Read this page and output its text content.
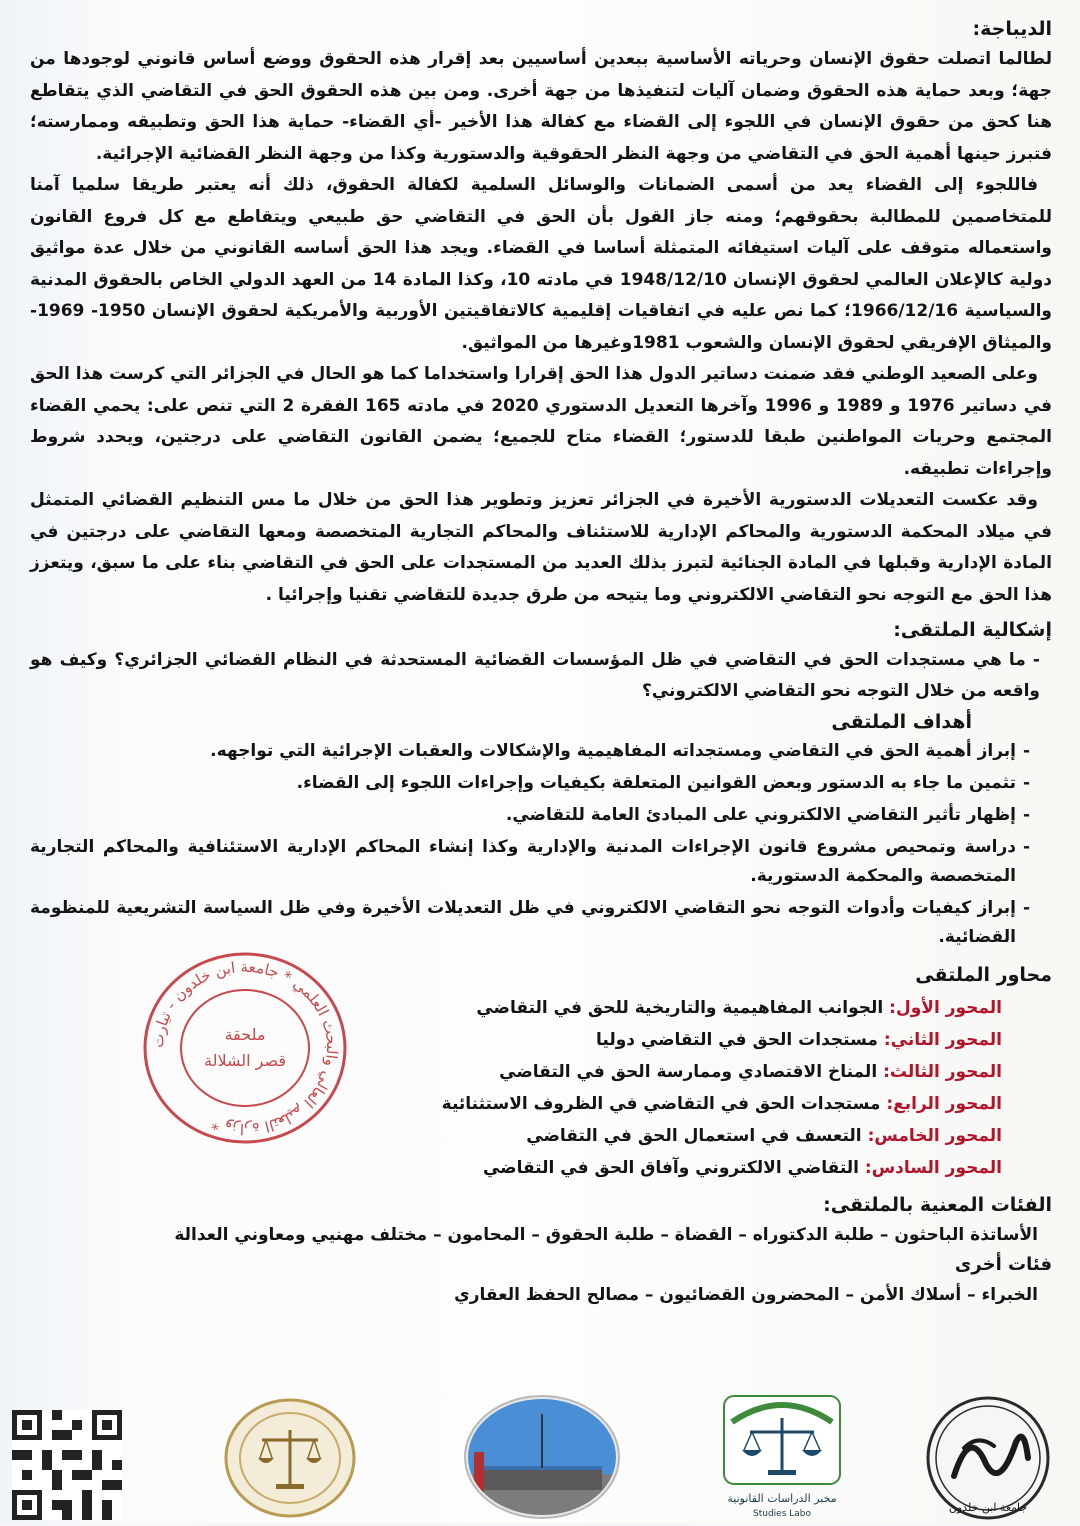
الديباجة:

لطالما اتصلت حقوق الإنسان وحرياته الأساسية ببعدين أساسيين بعد إقرار هذه الحقوق ووضع أساس قانوني لوجودها من جهة؛ وبعد حماية هذه الحقوق وضمان آليات لتنفيذها من جهة أخرى. ومن بين هذه الحقوق الحق في التقاضي الذي يتقاطع هنا كحق من حقوق الإنسان في اللجوء إلى القضاء مع كفالة هذا الأخير -أي القضاء- حماية هذا الحق وتطبيقه وممارسته؛ فتبرز حينها أهمية الحق في التقاضي من وجهة النظر الحقوقية والدستورية وكذا من وجهة النظر القضائية الإجرائية.

فاللجوء إلى القضاء يعد من أسمى الضمانات والوسائل السلمية لكفالة الحقوق، ذلك أنه يعتبر طريقا سلميا آمنا للمتخاصمين للمطالبة بحقوقهم؛ ومنه جاز القول بأن الحق في التقاضي حق طبيعي ويتقاطع مع كل فروع القانون واستعماله متوقف على آليات استيفائه المتمثلة أساسا في القضاء. ويجد هذا الحق أساسه القانوني من خلال عدة مواثيق دولية كالإعلان العالمي لحقوق الإنسان 1948/12/10 في مادته 10، وكذا المادة 14 من العهد الدولي الخاص بالحقوق المدنية والسياسية 1966/12/16؛ كما نص عليه في اتفاقيات إقليمية كالاتفاقيتين الأوربية والأمريكية لحقوق الإنسان 1950- 1969- والميثاق الإفريقي لحقوق الإنسان والشعوب 1981وغيرها من المواثيق.

وعلى الصعيد الوطني فقد ضمنت دساتير الدول هذا الحق إقرارا واستخداما كما هو الحال في الجزائر التي كرست هذا الحق في دساتير 1976 و 1989 و 1996 وآخرها التعديل الدستوري 2020 في مادته 165 الفقرة 2 التي تنص على: يحمي القضاء المجتمع وحريات المواطنين طبقا للدستور؛ القضاء متاح للجميع؛ يضمن القانون التقاضي على درجتين، ويحدد شروط وإجراءات تطبيقه.

وقد عكست التعديلات الدستورية الأخيرة في الجزائر تعزيز وتطوير هذا الحق من خلال ما مس التنظيم القضائي المتمثل في ميلاد المحكمة الدستورية والمحاكم الإدارية للاستئناف والمحاكم التجارية المتخصصة ومعها التقاضي على درجتين في المادة الإدارية وقبلها في المادة الجنائية لتبرز بذلك العديد من المستجدات على الحق في التقاضي بناء على ما سبق، ويتعزز هذا الحق مع التوجه نحو التقاضي الالكتروني وما يتيحه من طرق جديدة للتقاضي تقنيا وإجرائيا .

إشكالية الملتقى:

- ما هي مستجدات الحق في التقاضي في ظل المؤسسات القضائية المستحدثة في النظام القضائي الجزائري؟ وكيف هو واقعه من خلال التوجه نحو التقاضي الالكتروني؟

أهداف الملتقى
- إبراز أهمية الحق في التقاضي ومستجداته المفاهيمية والإشكالات والعقبات الإجرائية التي تواجهه.
- تثمين ما جاء به الدستور وبعض القوانين المتعلقة بكيفيات وإجراءات اللجوء إلى القضاء.
- إظهار تأثير التقاضي الالكتروني على المبادئ العامة للتقاضي.
- دراسة وتمحيص مشروع قانون الإجراءات المدنية والإدارية وكذا إنشاء المحاكم الإدارية الاستئنافية والمحاكم التجارية المتخصصة والمحكمة الدستورية.
- إبراز كيفيات وأدوات التوجه نحو التقاضي الالكتروني في ظل التعديلات الأخيرة وفي ظل السياسة التشريعية للمنظومة القضائية.
محاور الملتقى
المحور الأول: الجوانب المفاهيمية والتاريخية للحق في التقاضي
المحور الثاني: مستجدات الحق في التقاضي دوليا
المحور الثالث: المناخ الاقتصادي وممارسة الحق في التقاضي
المحور الرابع: مستجدات الحق في التقاضي في الظروف الاستثنائية
المحور الخامس: التعسف في استعمال الحق في التقاضي
المحور السادس: التقاضي الالكتروني وآفاق الحق في التقاضي
الفئات المعنية بالملتقى:

الأساتذة الباحثون – طلبة الدكتوراه – القضاة – طلبة الحقوق – المحامون – مختلف مهنيي ومعاوني العدالة

فئات أخرى

الخبراء – أسلاك الأمن – المحضرون القضائيون – مصالح الحفظ العقاري

وزارة التعليم العالي والبحث العلمي * جامعة ابن خلدون - تيارت *
ملحقة
قصر الشلالة
مخبر الدراسات القانونية
Studies Labo	جامعة ابن خلدون
